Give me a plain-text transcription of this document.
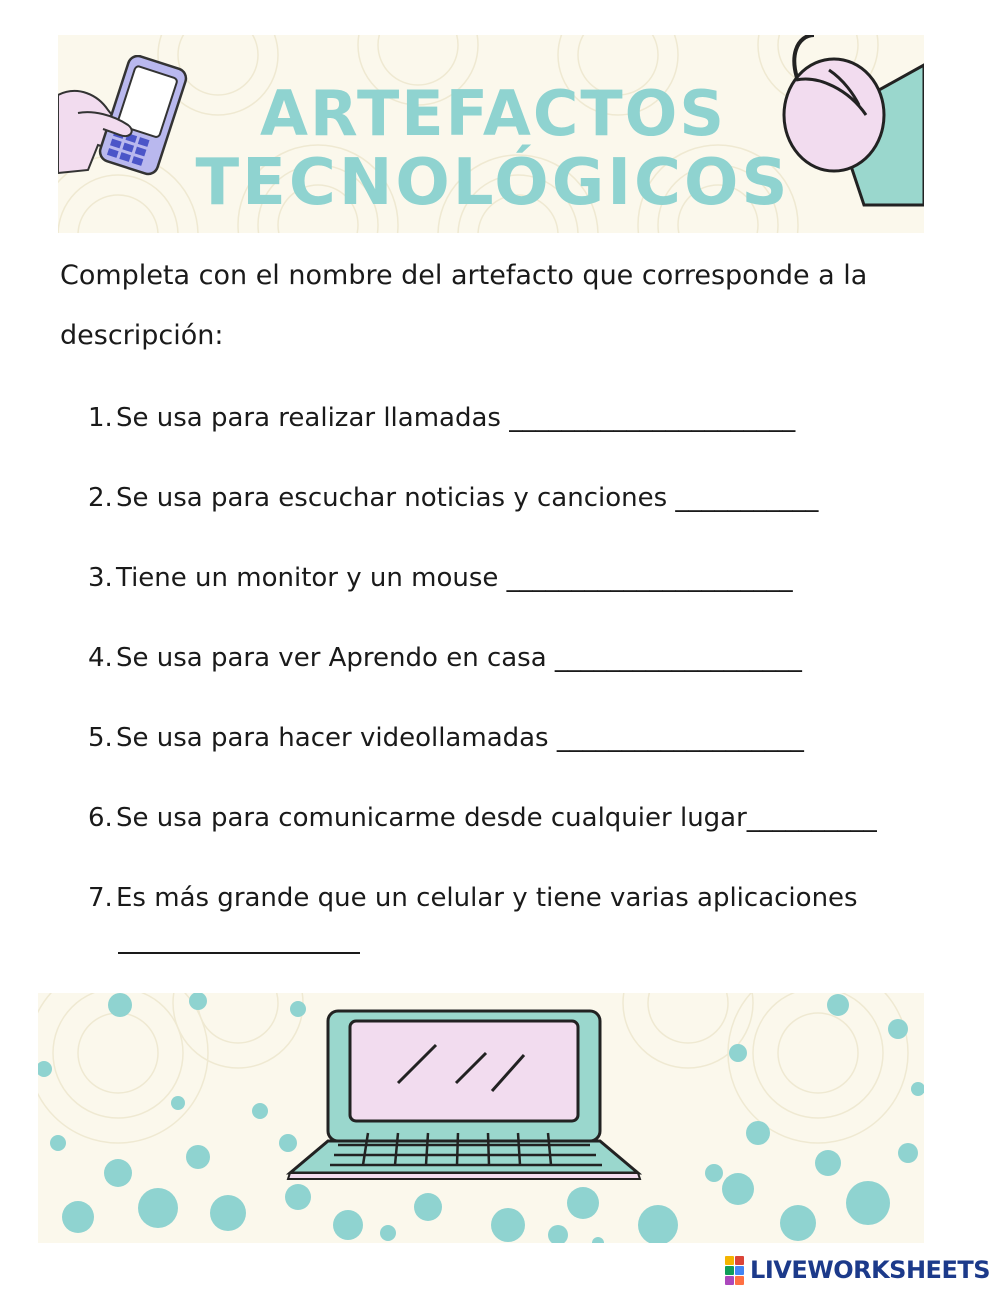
ARTEFACTOS
TECNOLÓGICOS
Completa con el nombre del artefacto que corresponde a la descripción:
1. Se usa para realizar llamadas ______________________
2. Se usa para escuchar noticias y canciones ___________
3. Tiene un monitor y un mouse ______________________
4. Se usa para ver Aprendo en casa ___________________
5. Se usa para hacer videollamadas ___________________
6. Se usa para comunicarme desde cualquier lugar__________
7. Es más grande que un celular y tiene varias aplicaciones
LIVEWORKSHEETS
